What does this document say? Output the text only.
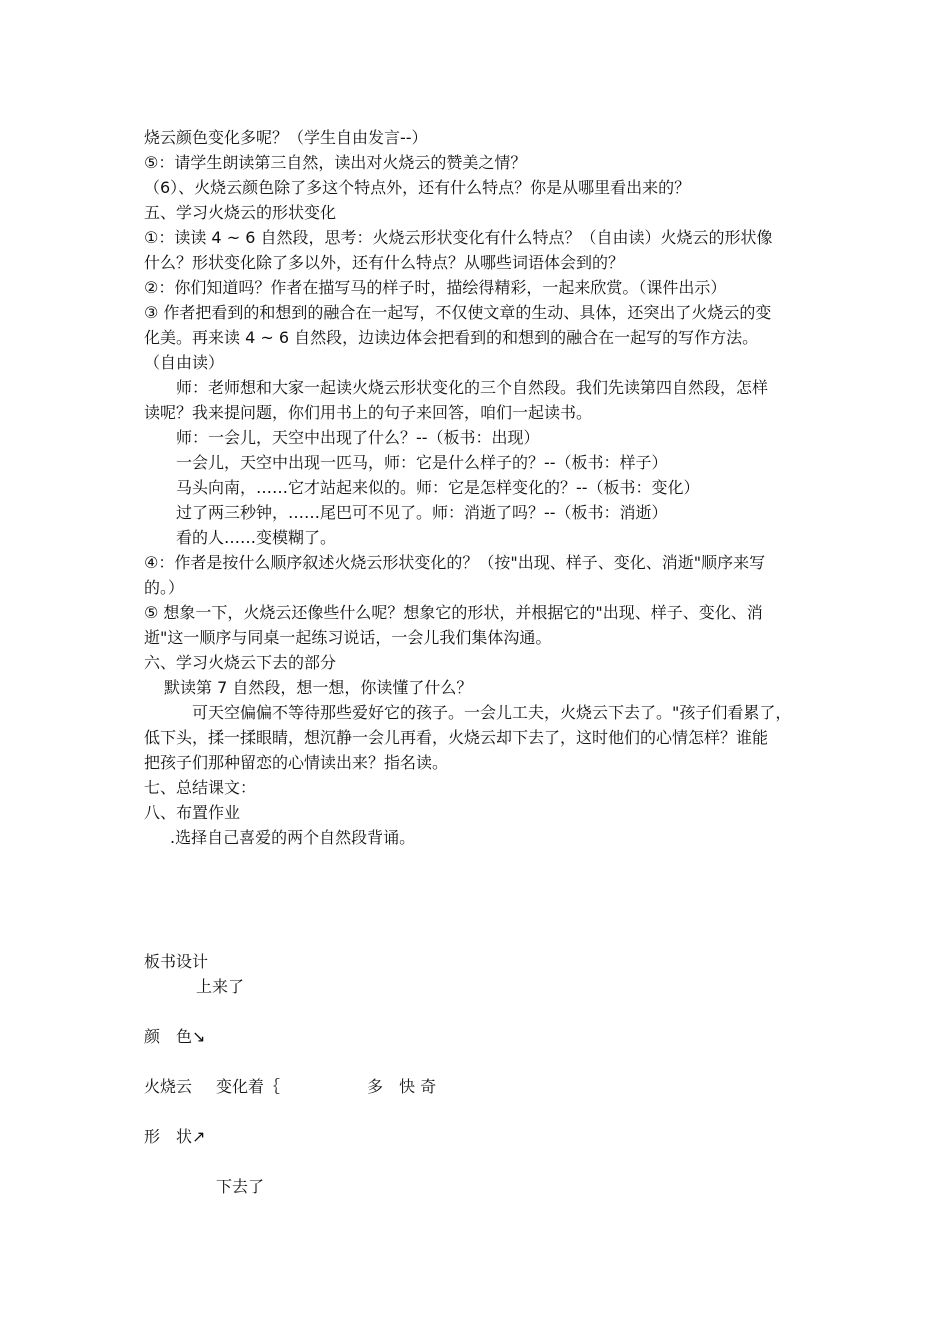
烧云颜色变化多呢？（学生自由发言--）
⑤：请学生朗读第三自然，读出对火烧云的赞美之情？
（6）、火烧云颜色除了多这个特点外，还有什么特点？你是从哪里看出来的？
五、学习火烧云的形状变化
①：读读 4 ~ 6 自然段，思考：火烧云形状变化有什么特点？（自由读）火烧云的形状像
什么？形状变化除了多以外，还有什么特点？从哪些词语体会到的？
②：你们知道吗？作者在描写马的样子时，描绘得精彩，一起来欣赏。（课件出示）
③ 作者把看到的和想到的融合在一起写，不仅使文章的生动、具体，还突出了火烧云的变
化美。再来读 4 ~ 6 自然段，边读边体会把看到的和想到的融合在一起写的写作方法。
（自由读）
师：老师想和大家一起读火烧云形状变化的三个自然段。我们先读第四自然段，怎样
读呢？我来提问题，你们用书上的句子来回答，咱们一起读书。
师：一会儿，天空中出现了什么？--（板书：出现）
一会儿，天空中出现一匹马，师：它是什么样子的？--（板书：样子）
马头向南，……它才站起来似的。师：它是怎样变化的？--（板书：变化）
过了两三秒钟，……尾巴可不见了。师：消逝了吗？--（板书：消逝）
看的人……变模糊了。
④：作者是按什么顺序叙述火烧云形状变化的？（按"出现、样子、变化、消逝"顺序来写
的。）
⑤ 想象一下，火烧云还像些什么呢？想象它的形状，并根据它的"出现、样子、变化、消
逝"这一顺序与同桌一起练习说话，一会儿我们集体沟通。
六、学习火烧云下去的部分
默读第 7 自然段，想一想，你读懂了什么？
可天空偏偏不等待那些爱好它的孩子。一会儿工夫，火烧云下去了。"孩子们看累了，
低下头，揉一揉眼睛，想沉静一会儿再看，火烧云却下去了，这时他们的心情怎样？谁能
把孩子们那种留恋的心情读出来？指名读。
七、总结课文：
八、布置作业
.选择自己喜爱的两个自然段背诵。
板书设计
上来了
颜　色↘
火烧云 变化着｛	多　快 奇
形　状↗
下去了
